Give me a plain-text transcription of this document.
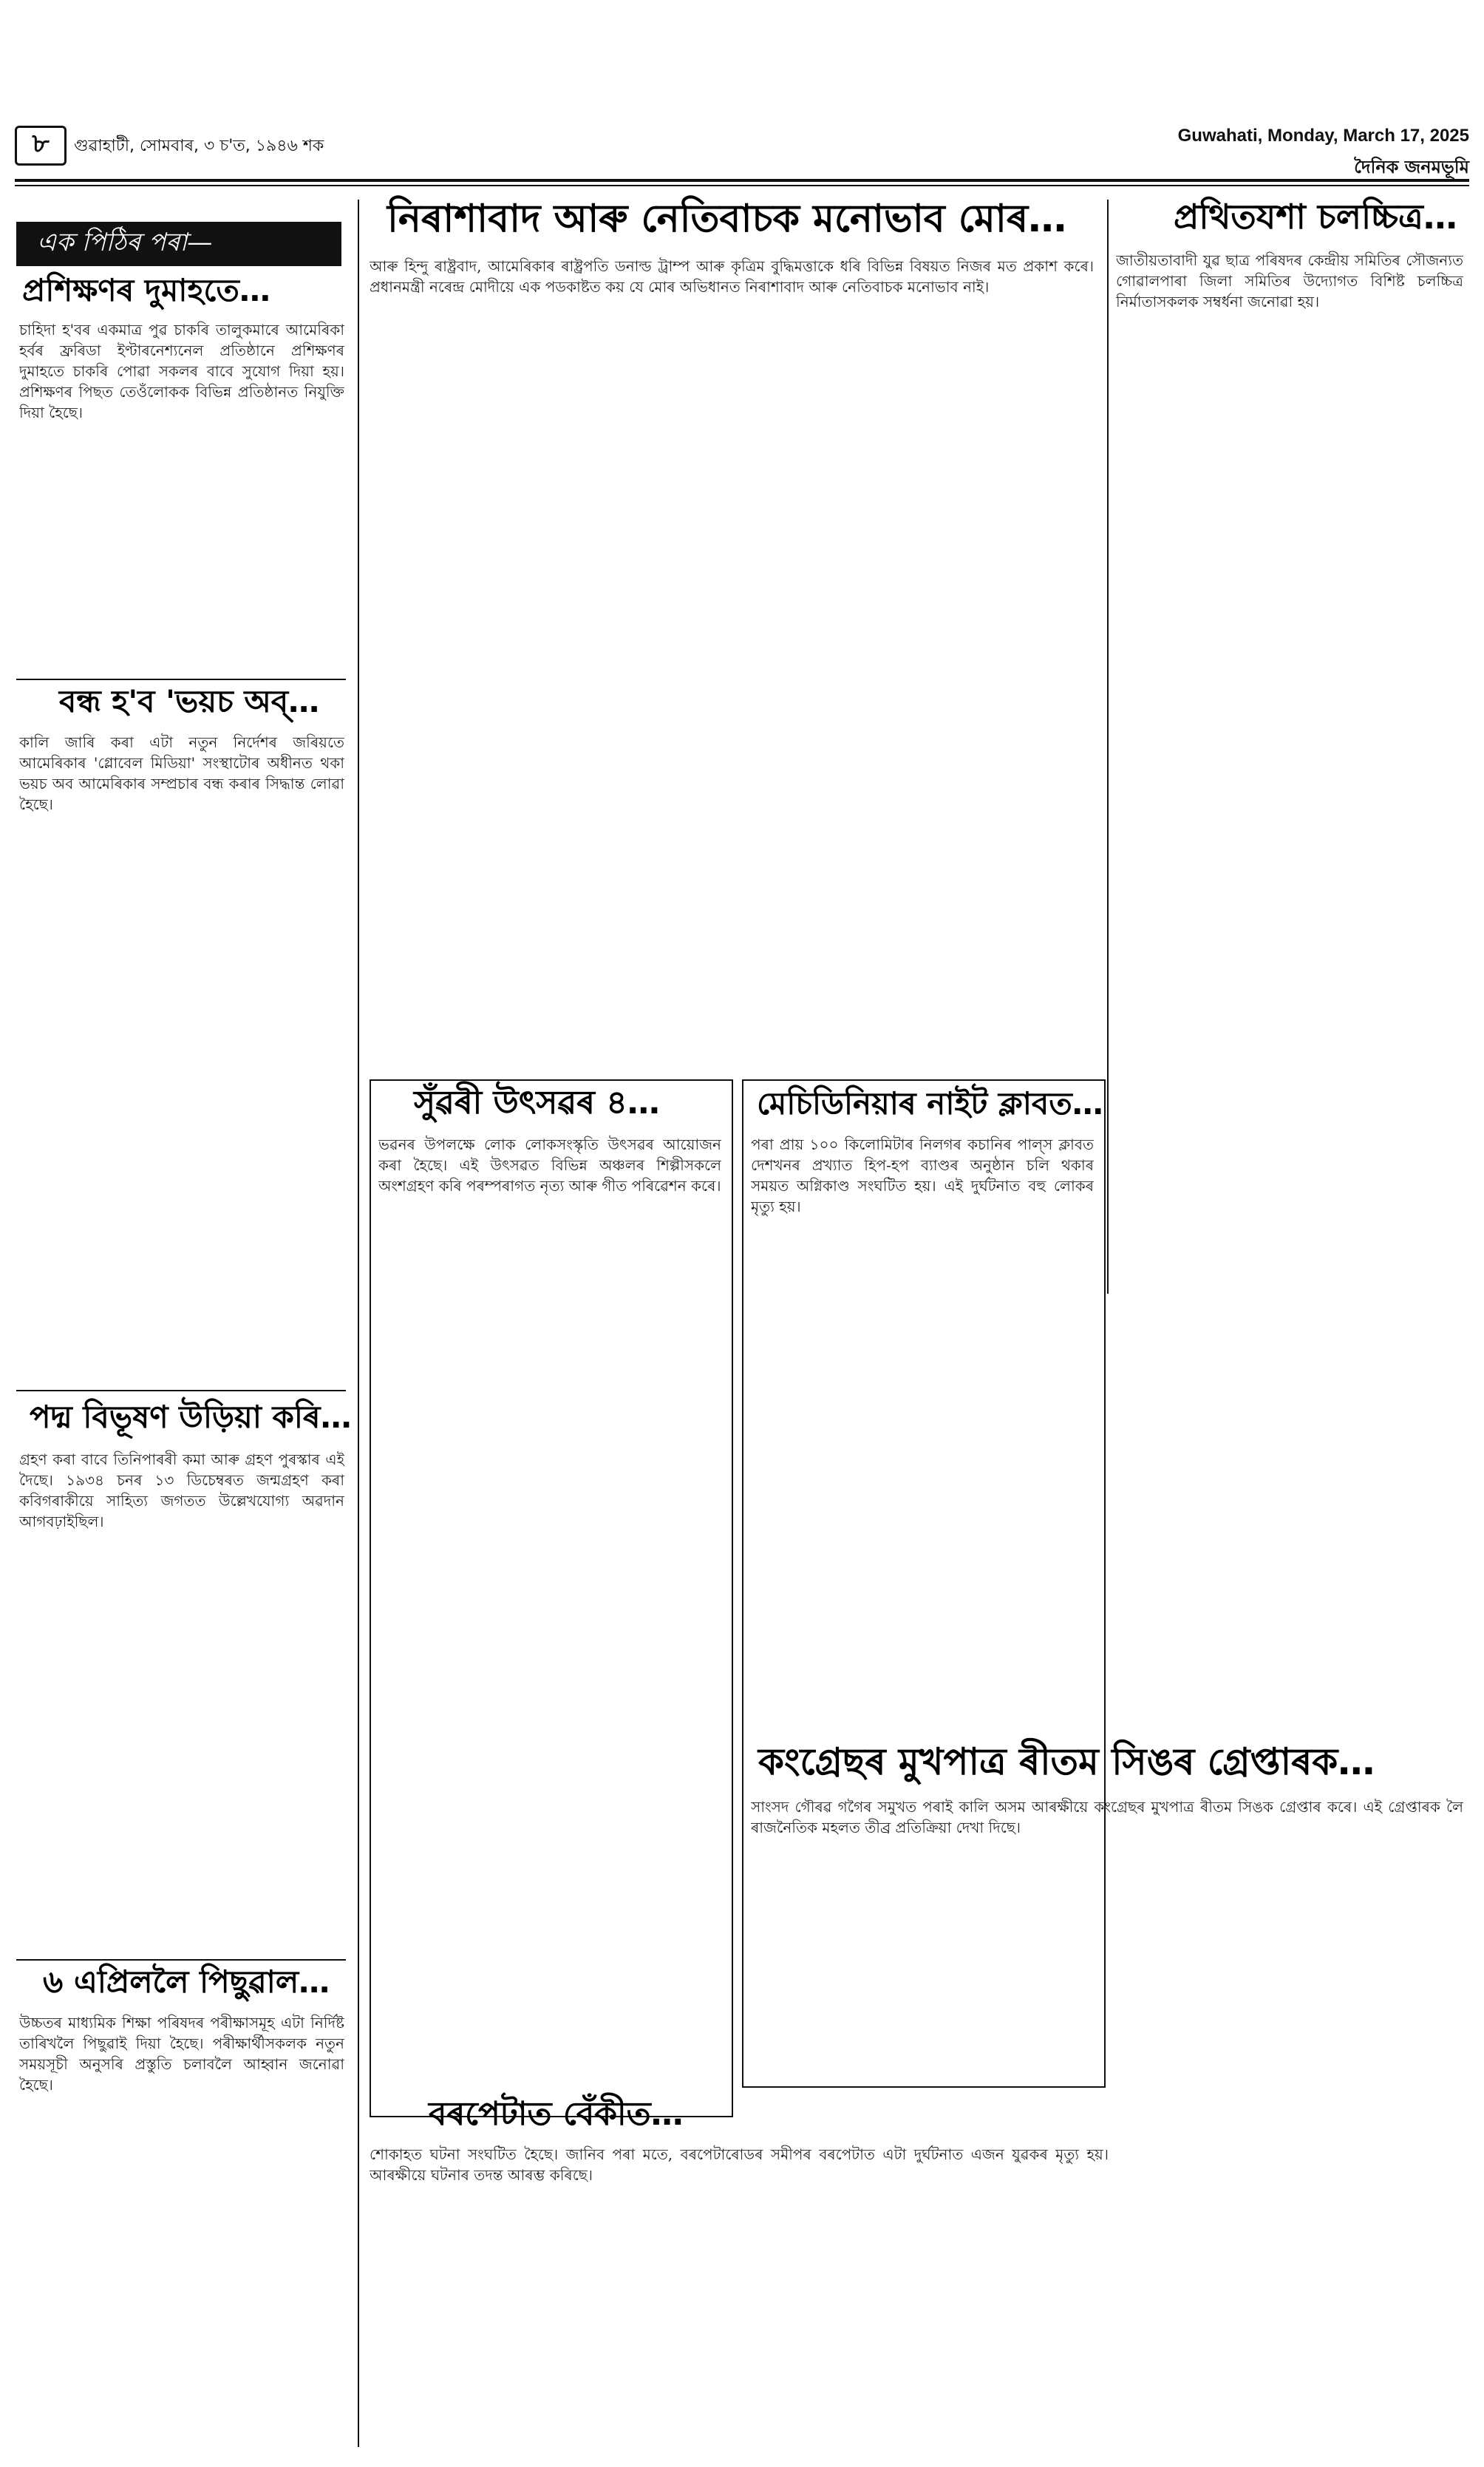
৮	গুৱাহাটী, সোমবাৰ, ৩ চ'ত, ১৯৪৬ শক
Guwahati, Monday, March 17, 2025
দৈনিক জনমভূমি
এক পিঠিৰ পৰা—
প্ৰশিক্ষণৰ দুমাহতে…
চাহিদা হ'বৰ একমাত্ৰ পুৱ চাকৰি তালুকমাৰে আমেৰিকা হৰ্বৰ ফ্ৰৰিডা ইণ্টাৰনেশ্যনেল প্ৰতিষ্ঠানে প্ৰশিক্ষণৰ দুমাহতে চাকৰি পোৱা সকলৰ বাবে সুযোগ দিয়া হয়। প্ৰশিক্ষণৰ পিছত তেওঁলোকক বিভিন্ন প্ৰতিষ্ঠানত নিযুক্তি দিয়া হৈছে।
বন্ধ হ'ব 'ভয়চ অব্…
কালি জাৰি কৰা এটা নতুন নিৰ্দেশৰ জৰিয়তে আমেৰিকাৰ 'গ্লোবেল মিডিয়া' সংস্থাটোৰ অধীনত থকা ভয়চ অব আমেৰিকাৰ সম্প্ৰচাৰ বন্ধ কৰাৰ সিদ্ধান্ত লোৱা হৈছে।
পদ্ম বিভূষণ উড়িয়া কৰি…
গ্ৰহণ কৰা বাবে তিনিপাৰৰী কমা আৰু গ্ৰহণ পুৰস্কাৰ এই দৈছে। ১৯৩৪ চনৰ ১৩ ডিচেম্বৰত জন্মগ্ৰহণ কৰা কবিগৰাকীয়ে সাহিত্য জগতত উল্লেখযোগ্য অৱদান আগবঢ়াইছিল।
৬ এপ্ৰিললৈ পিছুৱাল…
উচ্চতৰ মাধ্যমিক শিক্ষা পৰিষদৰ পৰীক্ষাসমূহ এটা নিৰ্দিষ্ট তাৰিখলৈ পিছুৱাই দিয়া হৈছে। পৰীক্ষাৰ্থীসকলক নতুন সময়সূচী অনুসৰি প্ৰস্তুতি চলাবলৈ আহ্বান জনোৱা হৈছে।
নিৰাশাবাদ আৰু নেতিবাচক মনোভাব মোৰ…
আৰু হিন্দু ৰাষ্ট্ৰবাদ, আমেৰিকাৰ ৰাষ্ট্ৰপতি ডনাল্ড ট্ৰাম্প আৰু কৃত্ৰিম বুদ্ধিমত্তাকে ধৰি বিভিন্ন বিষয়ত নিজৰ মত প্ৰকাশ কৰে। প্ৰধানমন্ত্ৰী নৰেন্দ্ৰ মোদীয়ে এক পডকাষ্টত কয় যে মোৰ অভিধানত নিৰাশাবাদ আৰু নেতিবাচক মনোভাব নাই।
সুঁৱৰী উৎসৱৰ ৪…
ভৱনৰ উপলক্ষে লোক লোকসংস্কৃতি উৎসৱৰ আয়োজন কৰা হৈছে। এই উৎসৱত বিভিন্ন অঞ্চলৰ শিল্পীসকলে অংশগ্ৰহণ কৰি পৰম্পৰাগত নৃত্য আৰু গীত পৰিৱেশন কৰে।
বৰপেটাত বেঁকীত…
শোকাহত ঘটনা সংঘটিত হৈছে। জানিব পৰা মতে, বৰপেটাৰোডৰ সমীপৰ বৰপেটাত এটা দুৰ্ঘটনাত এজন যুৱকৰ মৃত্যু হয়। আৰক্ষীয়ে ঘটনাৰ তদন্ত আৰম্ভ কৰিছে।
মেচিডিনিয়াৰ নাইট ক্লাবত…
পৰা প্ৰায় ১০০ কিলোমিটাৰ নিলগৰ কচানিৰ পাল্স ক্লাবত দেশখনৰ প্ৰখ্যাত হিপ-হপ ব্যাণ্ডৰ অনুষ্ঠান চলি থকাৰ সময়ত অগ্নিকাণ্ড সংঘটিত হয়। এই দুৰ্ঘটনাত বহু লোকৰ মৃত্যু হয়।
প্ৰথিতযশা চলচ্চিত্ৰ…
জাতীয়তাবাদী যুৱ ছাত্ৰ পৰিষদৰ কেন্দ্ৰীয় সমিতিৰ সৌজন্যত গোৱালপাৰা জিলা সমিতিৰ উদ্যোগত বিশিষ্ট চলচ্চিত্ৰ নিৰ্মাতাসকলক সম্বৰ্ধনা জনোৱা হয়।
কংগ্ৰেছৰ মুখপাত্ৰ ৰীতম সিঙৰ গ্ৰেপ্তাৰক…
সাংসদ গৌৰৱ গগৈৰ সমুখত পৰাই কালি অসম আৰক্ষীয়ে কংগ্ৰেছৰ মুখপাত্ৰ ৰীতম সিঙক গ্ৰেপ্তাৰ কৰে। এই গ্ৰেপ্তাৰক লৈ ৰাজনৈতিক মহলত তীব্ৰ প্ৰতিক্ৰিয়া দেখা দিছে।
